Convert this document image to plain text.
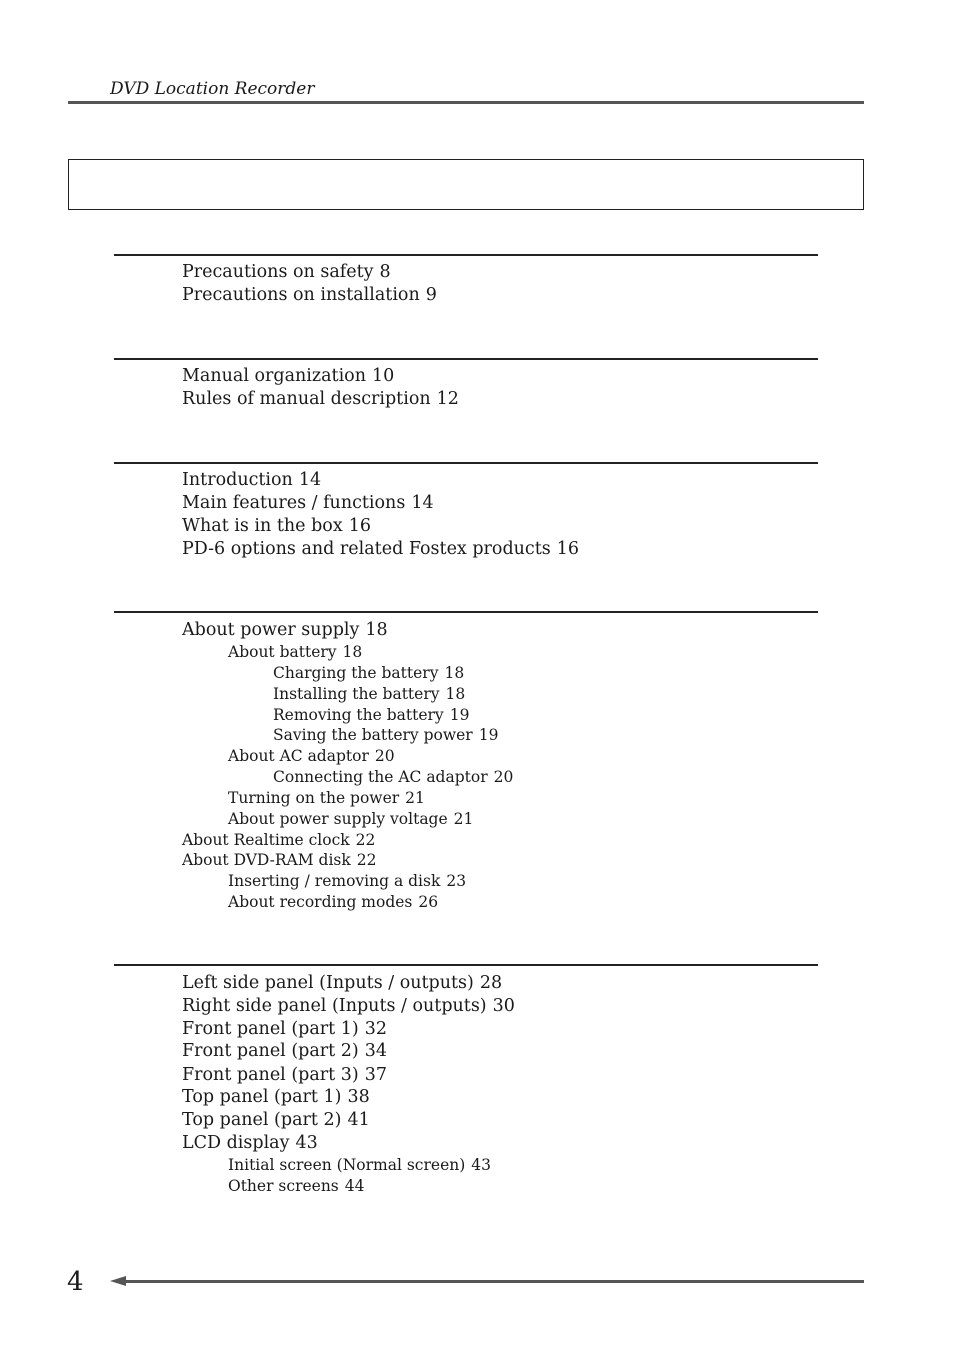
DVD Location Recorder
Precautions on safety 8
Precautions on installation 9
Manual organization 10
Rules of manual description 12
Introduction 14
Main features / functions 14
What is in the box 16
PD-6 options and related Fostex products 16
About power supply 18
About battery 18
Charging the battery 18
Installing the battery 18
Removing the battery 19
Saving the battery power 19
About AC adaptor 20
Connecting the AC adaptor 20
Turning on the power 21
About power supply voltage 21
About Realtime clock 22
About DVD-RAM disk 22
Inserting / removing a disk 23
About recording modes 26
Left side panel (Inputs / outputs) 28
Right side panel (Inputs / outputs) 30
Front panel (part 1) 32
Front panel (part 2) 34
Front panel (part 3) 37
Top panel (part 1) 38
Top panel (part 2) 41
LCD display 43
Initial screen (Normal screen) 43
Other screens 44
4
